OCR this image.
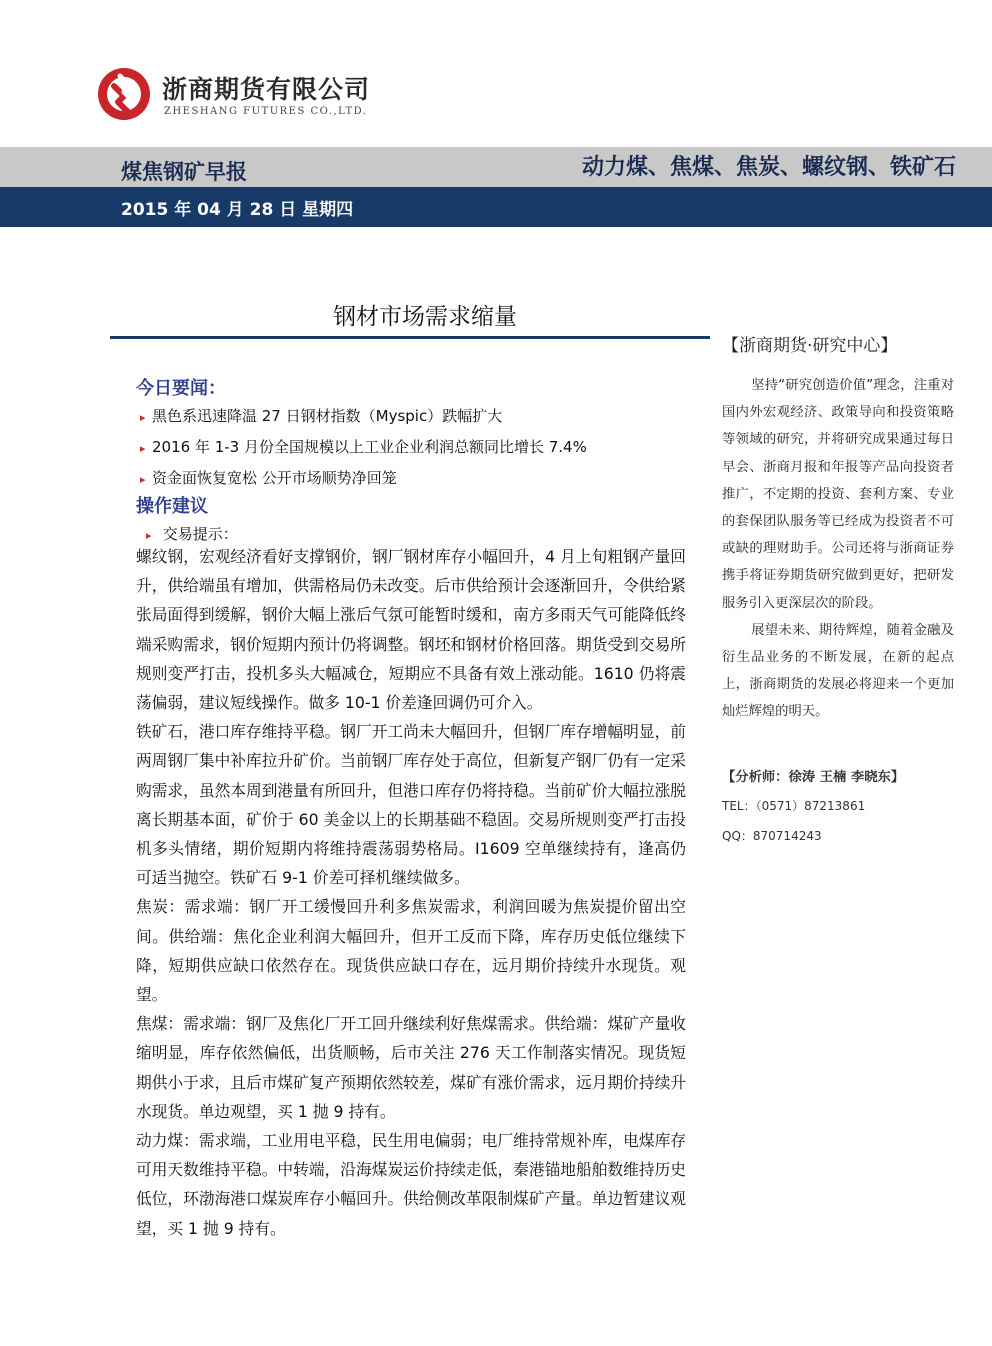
浙商期货有限公司
ZHESHANG FUTURES CO.,LTD.
煤焦钢矿早报	动力煤、焦煤、焦炭、螺纹钢、铁矿石
2015 年 04 月 28 日 星期四
钢材市场需求缩量
今日要闻：
▸ 黑色系迅速降温 27 日钢材指数（Myspic）跌幅扩大
▸ 2016 年 1-3 月份全国规模以上工业企业利润总额同比增长 7.4%
▸ 资金面恢复宽松 公开市场顺势净回笼
操作建议
▸ 交易提示：

螺纹钢，宏观经济看好支撑钢价，钢厂钢材库存小幅回升，4 月上旬粗钢产量回升，供给端虽有增加，供需格局仍未改变。后市供给预计会逐渐回升，令供给紧张局面得到缓解，钢价大幅上涨后气氛可能暂时缓和，南方多雨天气可能降低终端采购需求，钢价短期内预计仍将调整。钢坯和钢材价格回落。期货受到交易所规则变严打击，投机多头大幅减仓，短期应不具备有效上涨动能。1610 仍将震荡偏弱，建议短线操作。做多 10-1 价差逢回调仍可介入。

铁矿石，港口库存维持平稳。钢厂开工尚未大幅回升，但钢厂库存增幅明显，前两周钢厂集中补库拉升矿价。当前钢厂库存处于高位，但新复产钢厂仍有一定采购需求，虽然本周到港量有所回升，但港口库存仍将持稳。当前矿价大幅拉涨脱离长期基本面，矿价于 60 美金以上的长期基础不稳固。交易所规则变严打击投机多头情绪，期价短期内将维持震荡弱势格局。I1609 空单继续持有，逢高仍可适当抛空。铁矿石 9-1 价差可择机继续做多。

焦炭：需求端：钢厂开工缓慢回升利多焦炭需求，利润回暖为焦炭提价留出空间。供给端：焦化企业利润大幅回升，但开工反而下降，库存历史低位继续下降，短期供应缺口依然存在。现货供应缺口存在，远月期价持续升水现货。观望。

焦煤：需求端：钢厂及焦化厂开工回升继续利好焦煤需求。供给端：煤矿产量收缩明显，库存依然偏低，出货顺畅，后市关注 276 天工作制落实情况。现货短期供小于求，且后市煤矿复产预期依然较差，煤矿有涨价需求，远月期价持续升水现货。单边观望，买 1 抛 9 持有。

动力煤：需求端，工业用电平稳，民生用电偏弱；电厂维持常规补库，电煤库存可用天数维持平稳。中转端，沿海煤炭运价持续走低，秦港锚地船舶数维持历史低位，环渤海港口煤炭库存小幅回升。供给侧改革限制煤矿产量。单边暂建议观望，买 1 抛 9 持有。

【浙商期货·研究中心】

坚持“研究创造价值”理念，注重对国内外宏观经济、政策导向和投资策略等领域的研究，并将研究成果通过每日早会、浙商月报和年报等产品向投资者推广，不定期的投资、套利方案、专业的套保团队服务等已经成为投资者不可或缺的理财助手。公司还将与浙商证券携手将证券期货研究做到更好，把研发服务引入更深层次的阶段。

展望未来、期待辉煌，随着金融及衍生品业务的不断发展，在新的起点上，浙商期货的发展必将迎来一个更加灿烂辉煌的明天。

【分析师：徐涛 王楠 李晓东】
TEL：（0571）87213861
QQ：870714243
